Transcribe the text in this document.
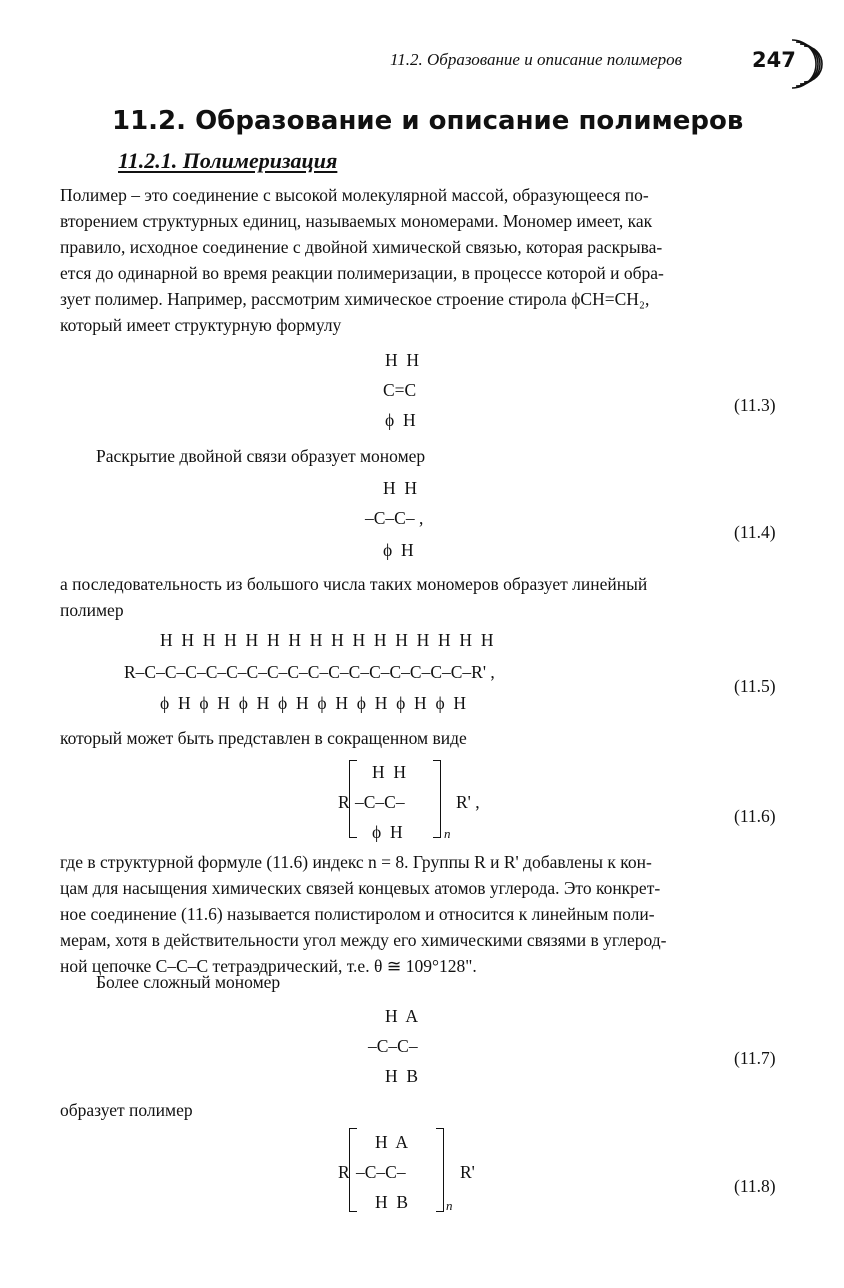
11.2. Образование и описание полимеров	247
11.2. Образование и описание полимеров
11.2.1. Полимеризация
Полимер – это соединение с высокой молекулярной массой, образующееся по-
вторением структурных единиц, называемых мономерами. Мономер имеет, как
правило, исходное соединение с двойной химической связью, которая раскрыва-
ется до одинарной во время реакции полимеризации, в процессе которой и обра-
зует полимер. Например, рассмотрим химическое строение стирола ϕCH=CH₂,
который имеет структурную формулу
H  H
C=C
ϕ  H
(11.3)
Раскрытие двойной связи образует мономер
H  H
–C–C– ,
ϕ  H
(11.4)
а последовательность из большого числа таких мономеров образует линейный
полимер
H  H  H  H  H  H  H  H  H  H  H  H  H  H  H  H
R–C–C–C–C–C–C–C–C–C–C–C–C–C–C–C–C–R' ,
ϕ  H  ϕ  H  ϕ  H  ϕ  H  ϕ  H  ϕ  H  ϕ  H  ϕ  H
(11.5)
который может быть представлен в сокращенном виде
R
H  H
–C–C–
ϕ  H	n
R' ,
(11.6)
где в структурной формуле (11.6) индекс n = 8. Группы R и R' добавлены к кон-
цам для насыщения химических связей концевых атомов углерода. Это конкрет-
ное соединение (11.6) называется полистиролом и относится к линейным поли-
мерам, хотя в действительности угол между его химическими связями в углерод-
ной цепочке С–С–С тетраэдрический, т.е. θ ≅ 109°128".
Более сложный мономер
H  A
–C–C–
H  B
(11.7)
образует полимер
R
H  A
–C–C–
H  B	n
R'
(11.8)
